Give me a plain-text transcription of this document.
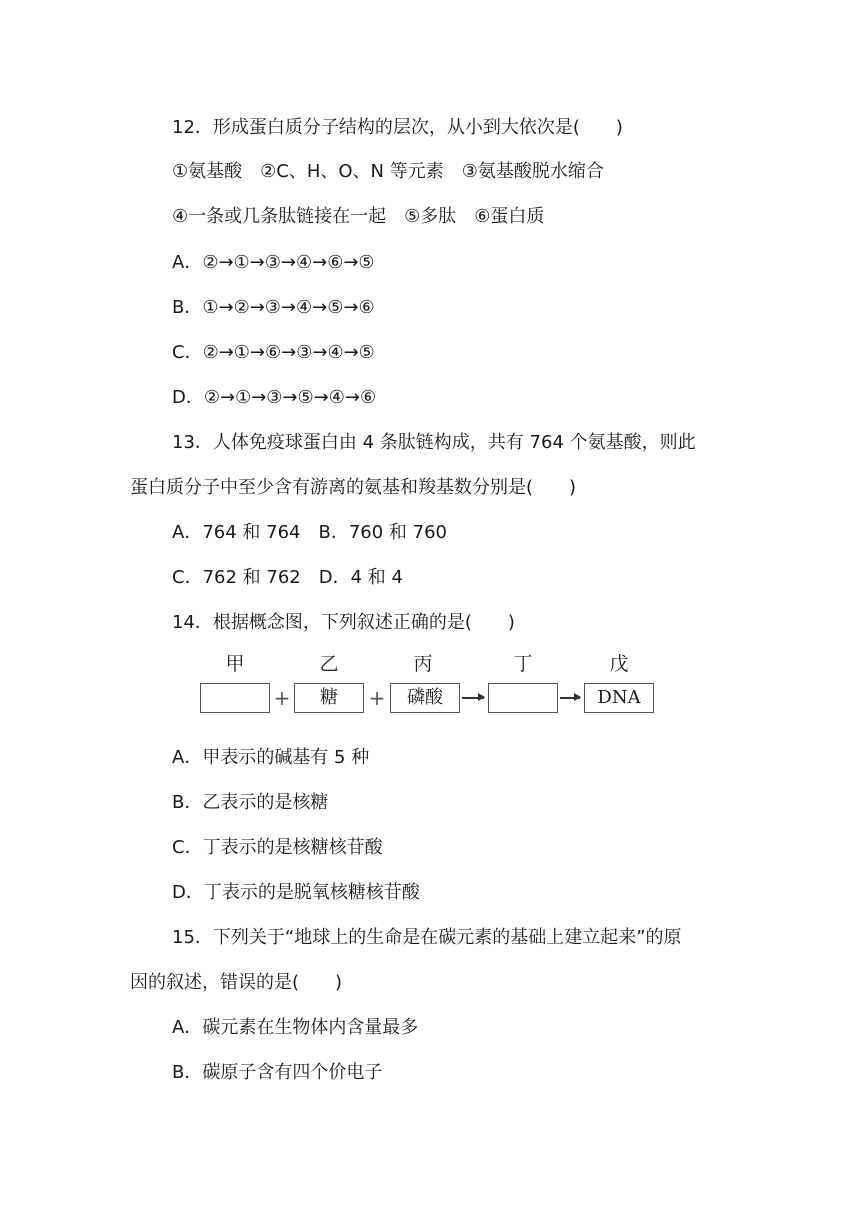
12．形成蛋白质分子结构的层次，从小到大依次是(　　)
①氨基酸　②C、H、O、N 等元素　③氨基酸脱水缩合
④一条或几条肽链接在一起　⑤多肽　⑥蛋白质
A．②→①→③→④→⑥→⑤
B．①→②→③→④→⑤→⑥
C．②→①→⑥→③→④→⑤
D．②→①→③→⑤→④→⑥
13．人体免疫球蛋白由 4 条肽链构成，共有 764 个氨基酸，则此
蛋白质分子中至少含有游离的氨基和羧基数分别是(　　)
A．764 和 764　B．760 和 760
C．762 和 762　D．4 和 4
14．根据概念图，下列叙述正确的是(　　)
甲	乙	丙	丁	戊
+	糖	+	磷酸	DNA
A．甲表示的碱基有 5 种
B．乙表示的是核糖
C．丁表示的是核糖核苷酸
D．丁表示的是脱氧核糖核苷酸
15．下列关于“地球上的生命是在碳元素的基础上建立起来”的原
因的叙述，错误的是(　　)
A．碳元素在生物体内含量最多
B．碳原子含有四个价电子
